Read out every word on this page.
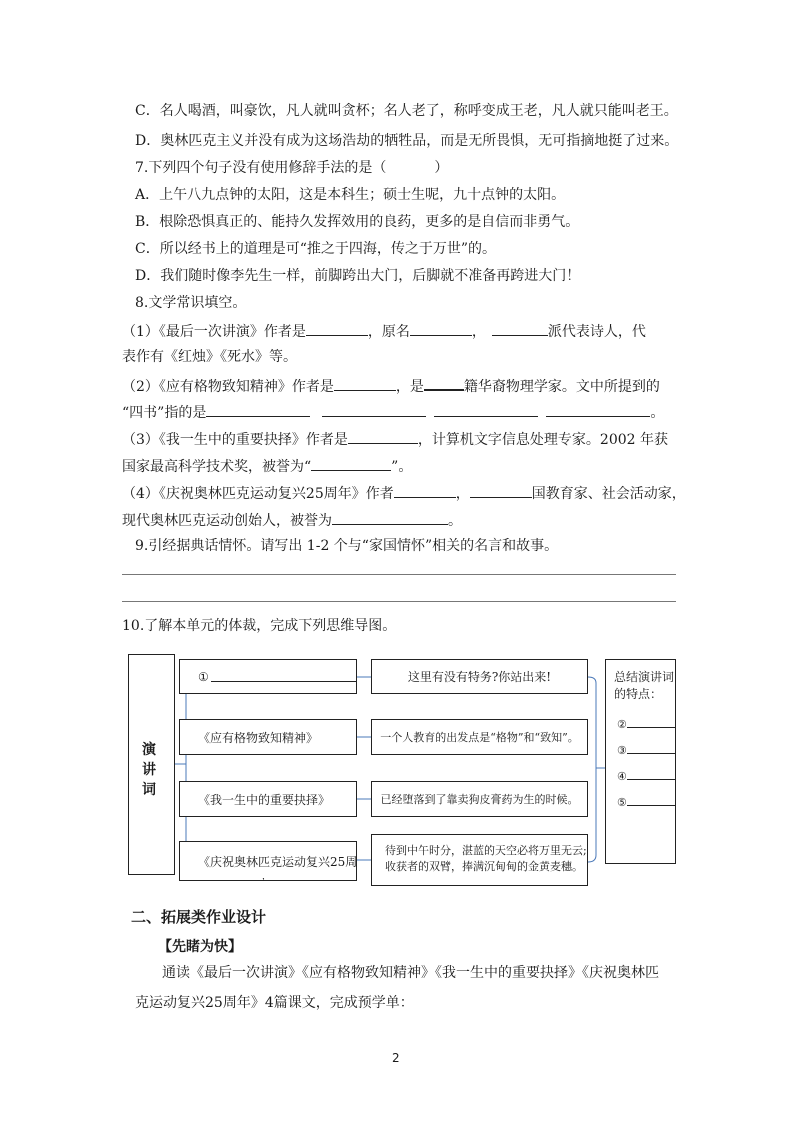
C．名人喝酒，叫豪饮，凡人就叫贪杯；名人老了，称呼变成王老，凡人就只能叫老王。
D．奥林匹克主义并没有成为这场浩劫的牺牲品，而是无所畏惧，无可指摘地挺了过来。
7.下列四个句子没有使用修辞手法的是（	）
A．上午八九点钟的太阳，这是本科生；硕士生呢，九十点钟的太阳。
B．根除恐惧真正的、能持久发挥效用的良药，更多的是自信而非勇气。
C．所以经书上的道理是可“推之于四海，传之于万世”的。
D．我们随时像李先生一样，前脚跨出大门，后脚就不准备再跨进大门！
8.文学常识填空。
（1）《最后一次讲演》作者是	，原名	，	派代表诗人，代
表作有《红烛》《死水》等。
（2）《应有格物致知精神》作者是	，是	籍华裔物理学家。文中所提到的
“四书”指的是	。
（3）《我一生中的重要抉择》作者是	，计算机文字信息处理专家。2002 年获
国家最高科学技术奖，被誉为“	”。
（4）《庆祝奥林匹克运动复兴25周年》作者	，	国教育家、社会活动家，
现代奥林匹克运动创始人，被誉为	。
9.引经据典话情怀。请写出 1-2 个与“家国情怀”相关的名言和故事。
10.了解本单元的体裁，完成下列思维导图。
演讲词
①
《应有格物致知精神》
《我一生中的重要抉择》
《庆祝奥林匹克运动复兴25周
，
这里有没有特务?你站出来!
一个人教育的出发点是“格物”和“致知”。
已经堕落到了靠卖狗皮膏药为生的时候。
待到中午时分，湛蓝的天空必将万里无云;
收获者的双臂，捧满沉甸甸的金黄麦穗。
总结演讲词的特点：
②
③
④
⑤
二、拓展类作业设计
【先睹为快】
通读《最后一次讲演》《应有格物致知精神》《我一生中的重要抉择》《庆祝奥林匹
克运动复兴25周年》4篇课文，完成预学单：
2
